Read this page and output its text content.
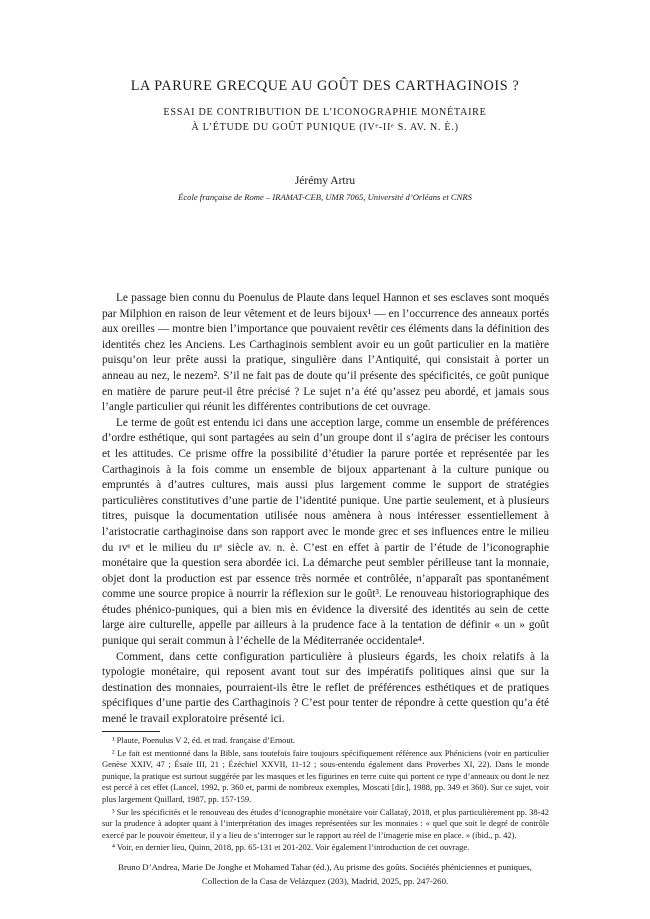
LA PARURE GRECQUE AU GOÛT DES CARTHAGINOIS ?
ESSAI DE CONTRIBUTION DE L’ICONOGRAPHIE MONÉTAIRE
À L’ÉTUDE DU GOÛT PUNIQUE (IVᵉ-IIᵉ S. AV. N. È.)
Jérémy Artru
École française de Rome – IRAMAT-CEB, UMR 7065, Université d’Orléans et CNRS

Le passage bien connu du Poenulus de Plaute dans lequel Hannon et ses esclaves sont moqués par Milphion en raison de leur vêtement et de leurs bijoux¹ — en l’occurrence des anneaux portés aux oreilles — montre bien l’importance que pouvaient revêtir ces éléments dans la définition des identités chez les Anciens. Les Carthaginois semblent avoir eu un goût particulier en la matière puisqu’on leur prête aussi la pratique, singulière dans l’Antiquité, qui consistait à porter un anneau au nez, le nezem². S’il ne fait pas de doute qu’il présente des spécificités, ce goût punique en matière de parure peut-il être précisé ? Le sujet n’a été qu’assez peu abordé, et jamais sous l’angle particulier qui réunit les différentes contributions de cet ouvrage.

Le terme de goût est entendu ici dans une acception large, comme un ensemble de préférences d’ordre esthétique, qui sont partagées au sein d’un groupe dont il s’agira de préciser les contours et les attitudes. Ce prisme offre la possibilité d’étudier la parure portée et représentée par les Carthaginois à la fois comme un ensemble de bijoux appartenant à la culture punique ou empruntés à d’autres cultures, mais aussi plus largement comme le support de stratégies particulières constitutives d’une partie de l’identité punique. Une partie seulement, et à plusieurs titres, puisque la documentation utilisée nous amènera à nous intéresser essentiellement à l’aristocratie carthaginoise dans son rapport avec le monde grec et ses influences entre le milieu du ɪᴠᵉ et le milieu du ɪɪᵉ siècle av. n. è. C’est en effet à partir de l’étude de l’iconographie monétaire que la question sera abordée ici. La démarche peut sembler périlleuse tant la monnaie, objet dont la production est par essence très normée et contrôlée, n’apparaît pas spontanément comme une source propice à nourrir la réflexion sur le goût³. Le renouveau historiographique des études phénico-puniques, qui a bien mis en évidence la diversité des identités au sein de cette large aire culturelle, appelle par ailleurs à la prudence face à la tentation de définir « un » goût punique qui serait commun à l’échelle de la Méditerranée occidentale⁴.

Comment, dans cette configuration particulière à plusieurs égards, les choix relatifs à la typologie monétaire, qui reposent avant tout sur des impératifs politiques ainsi que sur la destination des monnaies, pourraient-ils être le reflet de préférences esthétiques et de pratiques spécifiques d’une partie des Carthaginois ? C’est pour tenter de répondre à cette question qu’a été mené le travail exploratoire présenté ici.

¹ Plaute, Poenulus V 2, éd. et trad. française d’Ernout.

² Le fait est mentionné dans la Bible, sans toutefois faire toujours spécifiquement référence aux Phéniciens (voir en particulier Genèse XXIV, 47 ; Ésaïe III, 21 ; Ézéchiel XXVII, 11-12 ; sous-entendu également dans Proverbes XI, 22). Dans le monde punique, la pratique est surtout suggérée par les masques et les figurines en terre cuite qui portent ce type d’anneaux ou dont le nez est percé à cet effet (Lancel, 1992, p. 360 et, parmi de nombreux exemples, Moscati [dir.], 1988, pp. 349 et 360). Sur ce sujet, voir plus largement Quillard, 1987, pp. 157-159.

³ Sur les spécificités et le renouveau des études d’iconographie monétaire voir Callataÿ, 2018, et plus particulièrement pp. 38-42 sur la prudence à adopter quant à l’interprétation des images représentées sur les monnaies : « quel que soit le degré de contrôle exercé par le pouvoir émetteur, il y a lieu de s’interroger sur le rapport au réel de l’imagerie mise en place. » (ibid., p. 42).

⁴ Voir, en dernier lieu, Quinn, 2018, pp. 65-131 et 201-202. Voir également l’introduction de cet ouvrage.

Bruno D’Andrea, Marie De Jonghe et Mohamed Tahar (éd.), Au prisme des goûts. Sociétés phéniciennes et puniques,
Collection de la Casa de Velázquez (203), Madrid, 2025, pp. 247-260.
